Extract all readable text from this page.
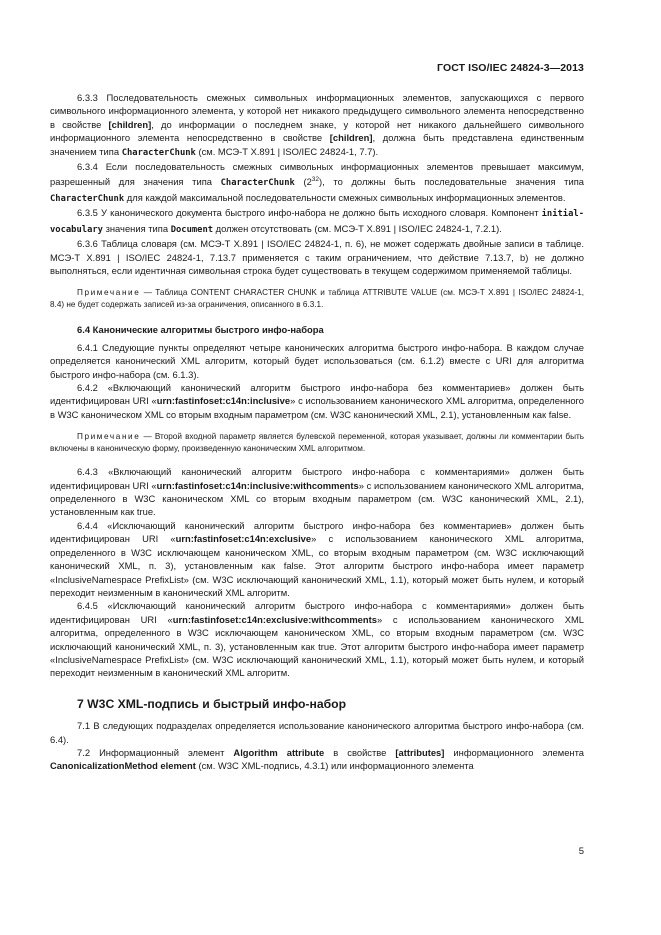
ГОСТ ISO/IEC 24824-3—2013

6.3.3 Последовательность смежных символьных информационных элементов, запускающихся с первого символьного информационного элемента, у которой нет никакого предыдущего символьного элемента непосредственно в свойстве [children], до информации о последнем знаке, у которой нет никакого дальнейшего символьного информационного элемента непосредственно в свойстве [children], должна быть представлена единственным значением типа CharacterChunk (см. МСЭ-Т Х.891 | ISO/IEC 24824-1, 7.7).

6.3.4 Если последовательность смежных символьных информационных элементов превышает максимум, разрешенный для значения типа CharacterChunk $(2^{32})$, то должны быть последовательные значения типа CharacterChunk для каждой максимальной последовательности смежных символьных информационных элементов.

6.3.5 У канонического документа быстрого инфо-набора не должно быть исходного словаря. Компонент initial-vocabulary значения типа Document должен отсутствовать (см. МСЭ-Т Х.891 | ISO/IEC 24824-1, 7.2.1).

6.3.6 Таблица словаря (см. МСЭ-Т Х.891 | ISO/IEC 24824-1, п. 6), не может содержать двойные записи в таблице. МСЭ-Т Х.891 | ISO/IEC 24824-1, 7.13.7 применяется с таким ограничением, что действие 7.13.7, b) не должно выполняться, если идентичная символьная строка будет существовать в текущем содержимом применяемой таблицы.

Примечание — Таблица CONTENT CHARACTER CHUNK и таблица ATTRIBUTE VALUE (см. МСЭ-Т Х.891 | ISO/IEC 24824-1, 8.4) не будет содержать записей из-за ограничения, описанного в 6.3.1.

6.4 Канонические алгоритмы быстрого инфо-набора

6.4.1 Следующие пункты определяют четыре канонических алгоритма быстрого инфо-набора. В каждом случае определяется канонический XML алгоритм, который будет использоваться (см. 6.1.2) вместе с URI для алгоритма быстрого инфо-набора (см. 6.1.3).

6.4.2 «Включающий канонический алгоритм быстрого инфо-набора без комментариев» должен быть идентифицирован URI «urn:fastinfoset:c14n:inclusive» с использованием канонического XML алгоритма, определенного в W3C каноническом XML со вторым входным параметром (см. W3C канонический XML, 2.1), установленным как false.

Примечание — Второй входной параметр является булевской переменной, которая указывает, должны ли комментарии быть включены в каноническую форму, произведенную каноническим XML алгоритмом.

6.4.3 «Включающий канонический алгоритм быстрого инфо-набора с комментариями» должен быть идентифицирован URI «urn:fastinfoset:c14n:inclusive:withcomments» с использованием канонического XML алгоритма, определенного в W3C каноническом XML со вторым входным параметром (см. W3C канонический XML, 2.1), установленным как true.

6.4.4 «Исключающий канонический алгоритм быстрого инфо-набора без комментариев» должен быть идентифицирован URI «urn:fastinfoset:c14n:exclusive» с использованием канонического XML алгоритма, определенного в W3C исключающем каноническом XML, со вторым входным параметром (см. W3C исключающий канонический XML, п. 3), установленным как false. Этот алгоритм быстрого инфо-набора имеет параметр «InclusiveNamespace PrefixList» (см. W3C исключающий канонический XML, 1.1), который может быть нулем, и который переходит неизменным в канонический XML алгоритм.

6.4.5 «Исключающий канонический алгоритм быстрого инфо-набора с комментариями» должен быть идентифицирован URI «urn:fastinfoset:c14n:exclusive:withcomments» с использованием канонического XML алгоритма, определенного в W3C исключающем каноническом XML, со вторым входным параметром (см. W3C исключающий канонический XML, п. 3), установленным как true. Этот алгоритм быстрого инфо-набора имеет параметр «InclusiveNamespace PrefixList» (см. W3C исключающий канонический XML, 1.1), который может быть нулем, и который переходит неизменным в канонический XML алгоритм.

7 W3C XML-подпись и быстрый инфо-набор

7.1 В следующих подразделах определяется использование канонического алгоритма быстрого инфо-набора (см. 6.4).

7.2 Информационный элемент Algorithm attribute в свойстве [attributes] информационного элемента CanonicalizationMethod element (см. W3C XML-подпись, 4.3.1) или информационного элемента

5
